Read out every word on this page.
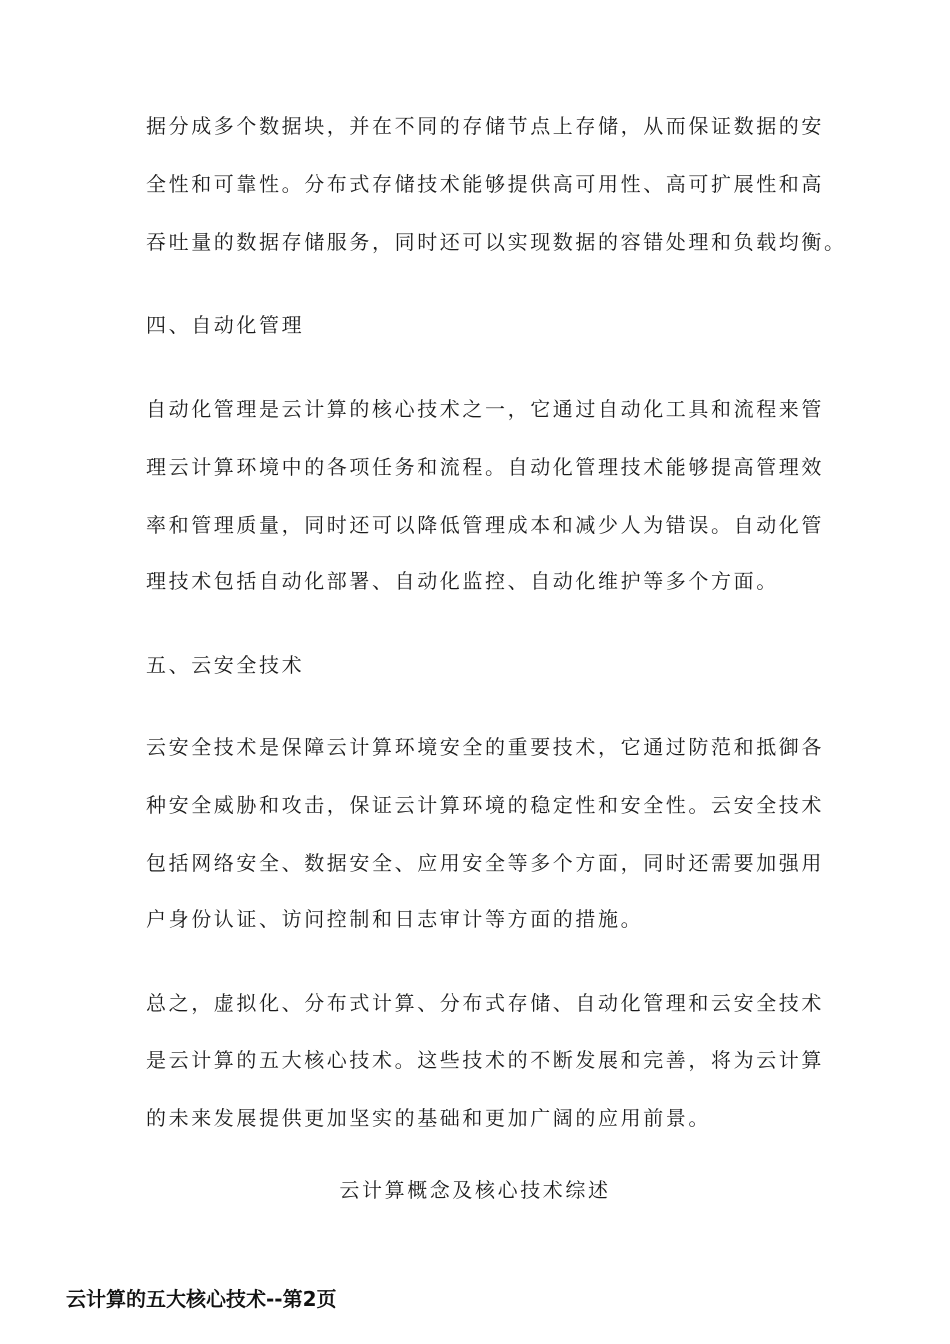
据分成多个数据块，并在不同的存储节点上存储，从而保证数据的安
全性和可靠性。分布式存储技术能够提供高可用性、高可扩展性和高
吞吐量的数据存储服务，同时还可以实现数据的容错处理和负载均衡。
四、自动化管理
自动化管理是云计算的核心技术之一，它通过自动化工具和流程来管
理云计算环境中的各项任务和流程。自动化管理技术能够提高管理效
率和管理质量，同时还可以降低管理成本和减少人为错误。自动化管
理技术包括自动化部署、自动化监控、自动化维护等多个方面。
五、云安全技术
云安全技术是保障云计算环境安全的重要技术，它通过防范和抵御各
种安全威胁和攻击，保证云计算环境的稳定性和安全性。云安全技术
包括网络安全、数据安全、应用安全等多个方面，同时还需要加强用
户身份认证、访问控制和日志审计等方面的措施。
总之，虚拟化、分布式计算、分布式存储、自动化管理和云安全技术
是云计算的五大核心技术。这些技术的不断发展和完善，将为云计算
的未来发展提供更加坚实的基础和更加广阔的应用前景。
云计算概念及核心技术综述
云计算的五大核心技术--第2页
